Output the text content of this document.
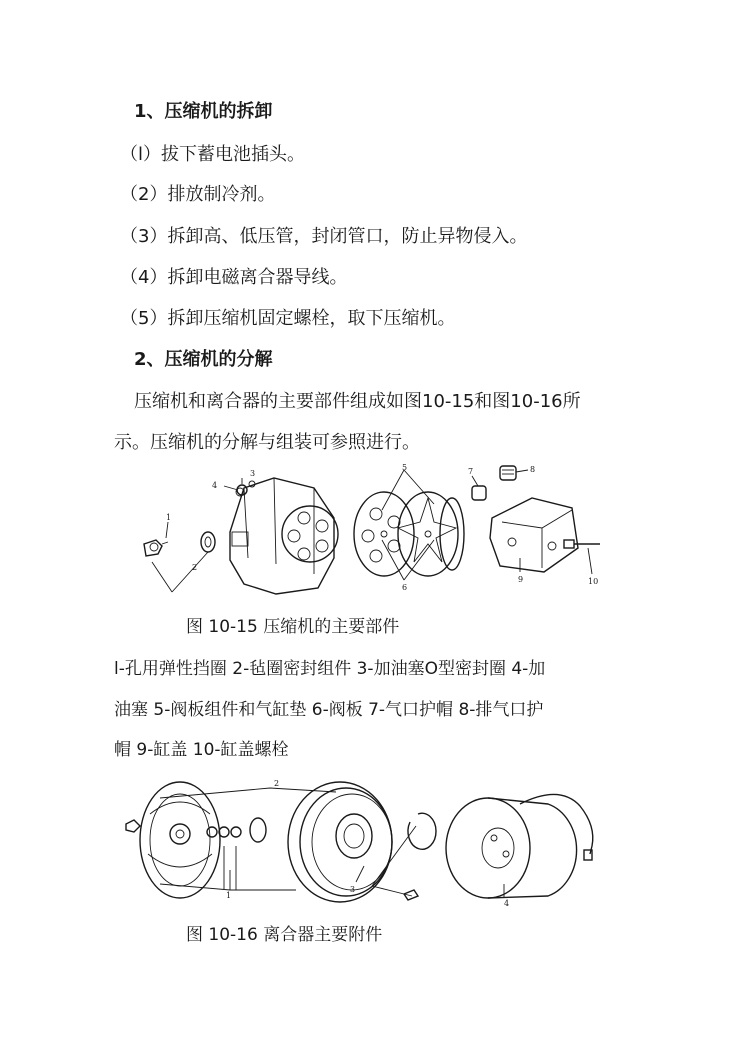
1、压缩机的拆卸
（l）拔下蓄电池插头。
（2）排放制冷剂。
（3）拆卸高、低压管，封闭管口，防止异物侵入。
（4）拆卸电磁离合器导线。
（5）拆卸压缩机固定螺栓，取下压缩机。
2、压缩机的分解
压缩机和离合器的主要部件组成如图10-15和图10-16所
示。压缩机的分解与组装可参照进行。
1
2
3
4
5
6
7	8
9	10
图 10-15 压缩机的主要部件
l-孔用弹性挡圈 2-毡圈密封组件 3-加油塞O型密封圈 4-加
油塞 5-阀板组件和气缸垫 6-阀板 7-气口护帽 8-排气口护
帽 9-缸盖 10-缸盖螺栓
1
2
3
4
图 10-16 离合器主要附件
